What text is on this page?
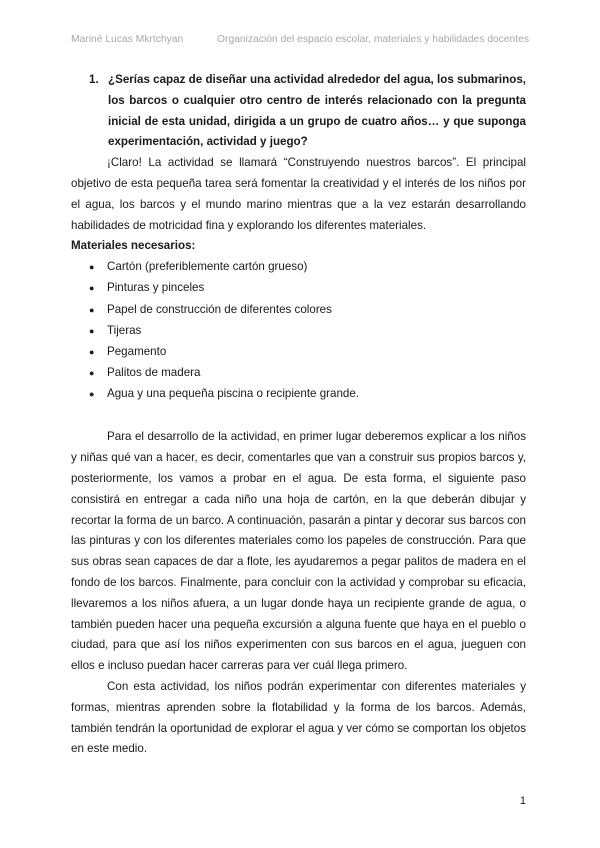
Mariné Lucas Mkrtchyan	Organización del espacio escolar, materiales y habilidades docentes
1. ¿Serías capaz de diseñar una actividad alrededor del agua, los submarinos, los barcos o cualquier otro centro de interés relacionado con la pregunta inicial de esta unidad, dirigida a un grupo de cuatro años… y que suponga experimentación, actividad y juego?

¡Claro! La actividad se llamará “Construyendo nuestros barcos”. El principal objetivo de esta pequeña tarea será fomentar la creatividad y el interés de los niños por el agua, los barcos y el mundo marino mientras que a la vez estarán desarrollando habilidades de motricidad fina y explorando los diferentes materiales.

Materiales necesarios:
● Cartón (preferiblemente cartón grueso)
● Pinturas y pinceles
● Papel de construcción de diferentes colores
● Tijeras
● Pegamento
● Palitos de madera
● Agua y una pequeña piscina o recipiente grande.

Para el desarrollo de la actividad, en primer lugar deberemos explicar a los niños y niñas qué van a hacer, es decir, comentarles que van a construir sus propios barcos y, posteriormente, los vamos a probar en el agua. De esta forma, el siguiente paso consistirá en entregar a cada niño una hoja de cartón, en la que deberán dibujar y recortar la forma de un barco. A continuación, pasarán a pintar y decorar sus barcos con las pinturas y con los diferentes materiales como los papeles de construcción. Para que sus obras sean capaces de dar a flote, les ayudaremos a pegar palitos de madera en el fondo de los barcos. Finalmente, para concluir con la actividad y comprobar su eficacia, llevaremos a los niños afuera, a un lugar donde haya un recipiente grande de agua, o también pueden hacer una pequeña excursión a alguna fuente que haya en el pueblo o ciudad, para que así los niños experimenten con sus barcos en el agua, jueguen con ellos e incluso puedan hacer carreras para ver cuál llega primero.

Con esta actividad, los niños podrán experimentar con diferentes materiales y formas, mientras aprenden sobre la flotabilidad y la forma de los barcos. Además, también tendrán la oportunidad de explorar el agua y ver cómo se comportan los objetos en este medio.

1
